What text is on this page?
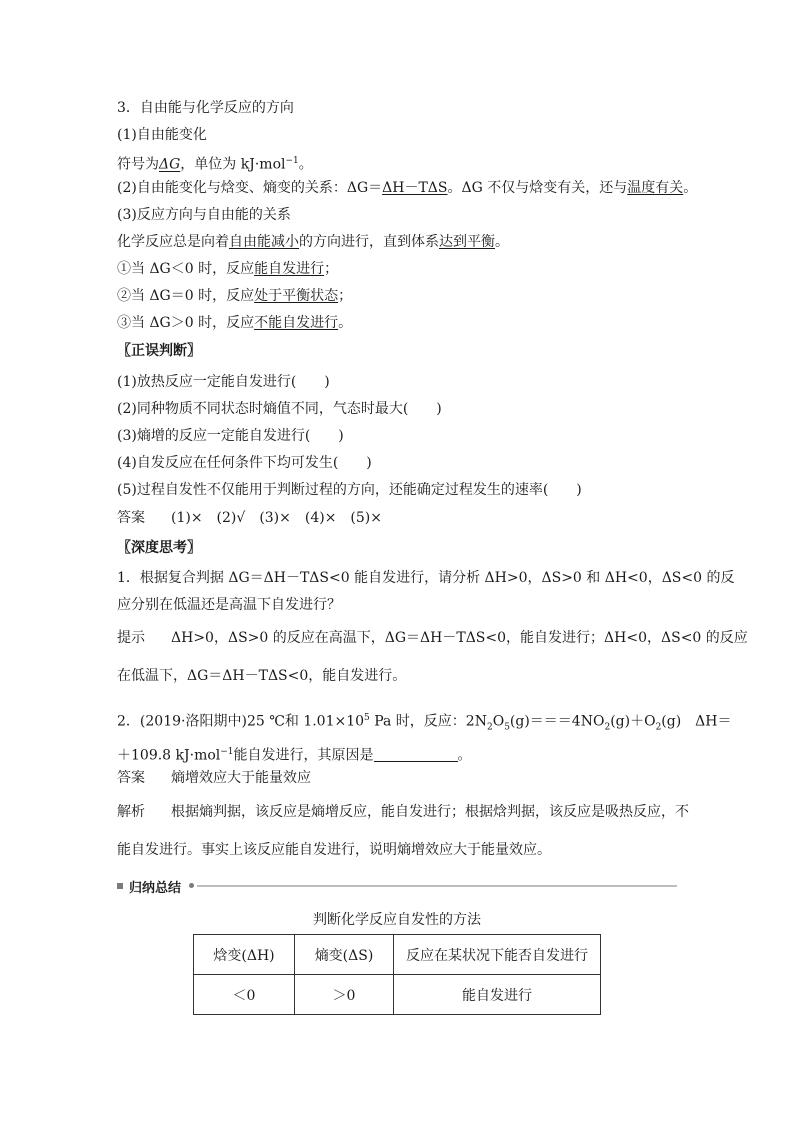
3．自由能与化学反应的方向
(1)自由能变化
符号为ΔG，单位为 kJ·mol$^{-1}$。
(2)自由能变化与焓变、熵变的关系：ΔG＝ΔH－TΔS。ΔG 不仅与焓变有关，还与温度有关。
(3)反应方向与自由能的关系
化学反应总是向着自由能减小的方向进行，直到体系达到平衡。
①当 ΔG＜0 时，反应能自发进行；
②当 ΔG＝0 时，反应处于平衡状态；
③当 ΔG＞0 时，反应不能自发进行。
〖正误判断〗
(1)放热反应一定能自发进行(　　)
(2)同种物质不同状态时熵值不同，气态时最大(　　)
(3)熵增的反应一定能自发进行(　　)
(4)自发反应在任何条件下均可发生(　　)
(5)过程自发性不仅能用于判断过程的方向，还能确定过程发生的速率(　　)
答案 (1)×　(2)√　(3)×　(4)×　(5)×
〖深度思考〗
1．根据复合判据 ΔG＝ΔH－TΔS<0 能自发进行，请分析 ΔH>0，ΔS>0 和 ΔH<0，ΔS<0 的反
应分别在低温还是高温下自发进行？
提示 ΔH>0，ΔS>0 的反应在高温下，ΔG＝ΔH－TΔS<0，能自发进行；ΔH<0，ΔS<0 的反应
在低温下，ΔG＝ΔH－TΔS<0，能自发进行。
2．(2019·洛阳期中)25 ℃和 $1.01\times 10^5$ Pa 时，反应：$2N_2O_5(g)===4NO_2(g)+O_2(g)$　ΔH＝
＋109.8 kJ·mol$^{-1}$能自发进行，其原因是	。
答案 熵增效应大于能量效应
解析 根据熵判据，该反应是熵增反应，能自发进行；根据焓判据，该反应是吸热反应，不
能自发进行。事实上该反应能自发进行，说明熵增效应大于能量效应。
归纳总结
判断化学反应自发性的方法
焓变(ΔH)	熵变(ΔS)	反应在某状况下能否自发进行
＜0	＞0	能自发进行
